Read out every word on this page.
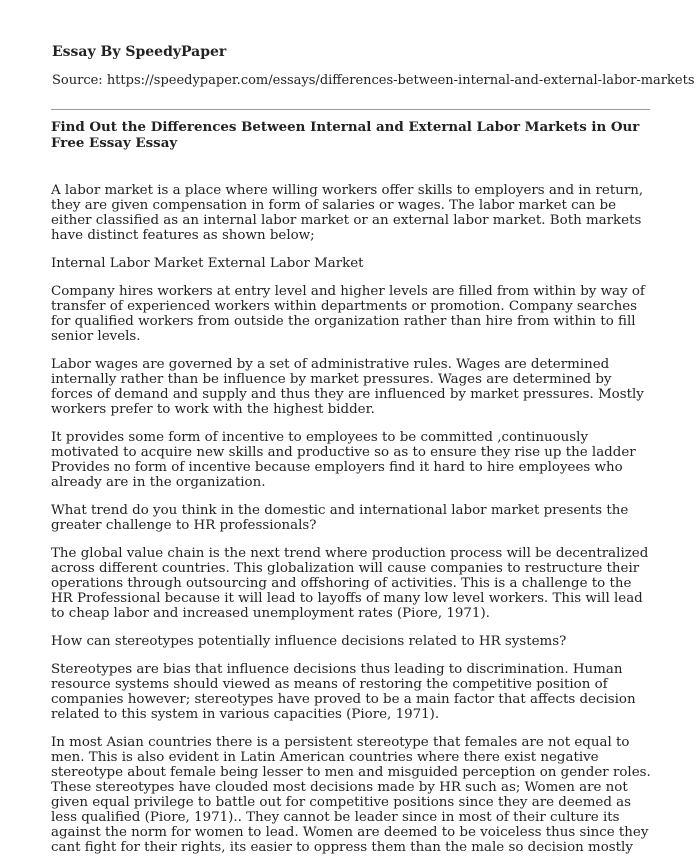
Essay By SpeedyPaper
Source: https://speedypaper.com/essays/differences-between-internal-and-external-labor-markets
Find Out the Differences Between Internal and External Labor Markets in Our Free Essay Essay

A labor market is a place where willing workers offer skills to employers and in return, they are given compensation in form of salaries or wages. The labor market can be either classified as an internal labor market or an external labor market. Both markets have distinct features as shown below;

Internal Labor Market External Labor Market

Company hires workers at entry level and higher levels are filled from within by way of transfer of experienced workers within departments or promotion. Company searches for qualified workers from outside the organization rather than hire from within to fill senior levels.

Labor wages are governed by a set of administrative rules. Wages are determined internally rather than be influence by market pressures. Wages are determined by forces of demand and supply and thus they are influenced by market pressures. Mostly workers prefer to work with the highest bidder.

It provides some form of incentive to employees to be committed ,continuously motivated to acquire new skills and productive so as to ensure they rise up the ladder Provides no form of incentive because employers find it hard to hire employees who already are in the organization.

What trend do you think in the domestic and international labor market presents the greater challenge to HR professionals?

The global value chain is the next trend where production process will be decentralized across different countries. This globalization will cause companies to restructure their operations through outsourcing and offshoring of activities. This is a challenge to the HR Professional because it will lead to layoffs of many low level workers. This will lead to cheap labor and increased unemployment rates (Piore, 1971).

How can stereotypes potentially influence decisions related to HR systems?

Stereotypes are bias that influence decisions thus leading to discrimination. Human resource systems should viewed as means of restoring the competitive position of companies however; stereotypes have proved to be a main factor that affects decision related to this system in various capacities (Piore, 1971).

In most Asian countries there is a persistent stereotype that females are not equal to men. This is also evident in Latin American countries where there exist negative stereotype about female being lesser to men and misguided perception on gender roles. These stereotypes have clouded most decisions made by HR such as; Women are not given equal privilege to battle out for competitive positions since they are deemed as less qualified (Piore, 1971).. They cannot be leader since in most of their culture its against the norm for women to lead. Women are deemed to be voiceless thus since they cant fight for their rights, its easier to oppress them than the male so decision mostly
